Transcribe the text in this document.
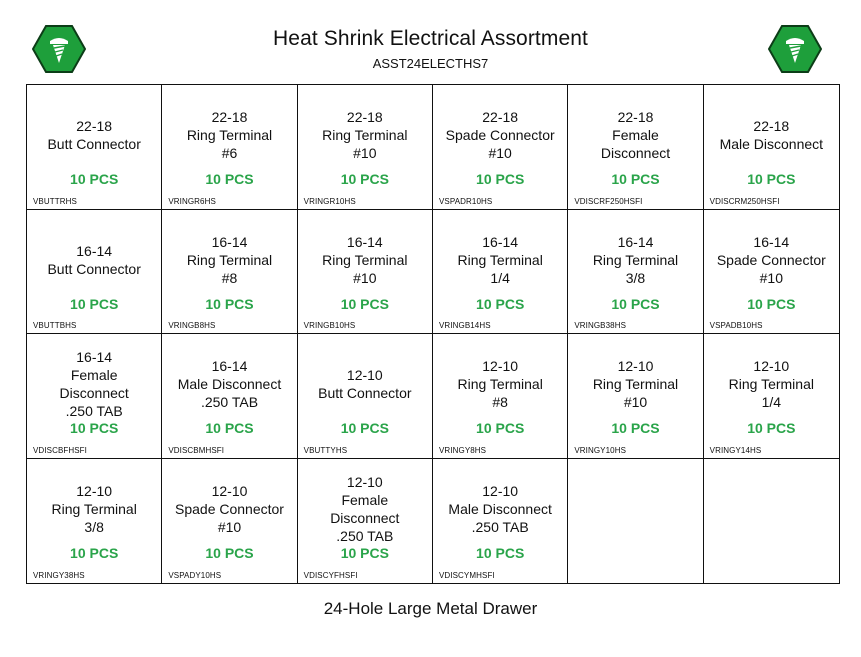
Heat Shrink Electrical Assortment
ASST24ELECTHS7
22-18
Butt Connector
10 PCS
VBUTTRHS
22-18
Ring Terminal
#6
10 PCS
VRINGR6HS
22-18
Ring Terminal
#10
10 PCS
VRINGR10HS
22-18
Spade Connector
#10
10 PCS
VSPADR10HS
22-18
Female
Disconnect
10 PCS
VDISCRF250HSFI
22-18
Male Disconnect
10 PCS
VDISCRM250HSFI
16-14
Butt Connector
10 PCS
VBUTTBHS
16-14
Ring Terminal
#8
10 PCS
VRINGB8HS
16-14
Ring Terminal
#10
10 PCS
VRINGB10HS
16-14
Ring Terminal
1/4
10 PCS
VRINGB14HS
16-14
Ring Terminal
3/8
10 PCS
VRINGB38HS
16-14
Spade Connector
#10
10 PCS
VSPADB10HS
16-14
Female
Disconnect
.250 TAB
10 PCS
VDISCBFHSFI
16-14
Male Disconnect
.250 TAB
10 PCS
VDISCBMHSFI
12-10
Butt Connector
10 PCS
VBUTTYHS
12-10
Ring Terminal
#8
10 PCS
VRINGY8HS
12-10
Ring Terminal
#10
10 PCS
VRINGY10HS
12-10
Ring Terminal
1/4
10 PCS
VRINGY14HS
12-10
Ring Terminal
3/8
10 PCS
VRINGY38HS
12-10
Spade Connector
#10
10 PCS
VSPADY10HS
12-10
Female
Disconnect
.250 TAB
10 PCS
VDISCYFHSFI
12-10
Male Disconnect
.250 TAB
10 PCS
VDISCYMHSFI
24-Hole Large Metal Drawer
